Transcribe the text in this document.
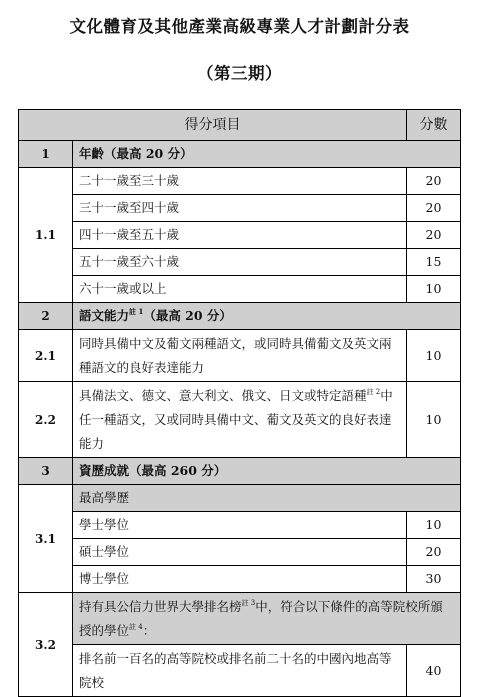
文化體育及其他產業高級專業人才計劃計分表
（第三期）
得分項目		分數
1	年齡（最高 20 分）	
1.1	二十一歲至三十歲	20
	三十一歲至四十歲	20
	四十一歲至五十歲	20
	五十一歲至六十歲	15
	六十一歲或以上	10
2	語文能力$^{註 1}$（最高 20 分）	
2.1	同時具備中文及葡文兩種語文，或同時具備葡文及英文兩種語文的良好表達能力	10
2.2	具備法文、德文、意大利文、俄文、日文或特定語種$^{註 2}$中任一種語文，又或同時具備中文、葡文及英文的良好表達能力	10
3	資歷成就（最高 260 分）	
3.1	最高學歷	
	學士學位	10
	碩士學位	20
	博士學位	30
3.2	持有具公信力世界大學排名榜$^{註 3}$中，符合以下條件的高等院校所頒授的學位$^{註 4}$：	
	排名前一百名的高等院校或排名前二十名的中國內地高等院校	40
